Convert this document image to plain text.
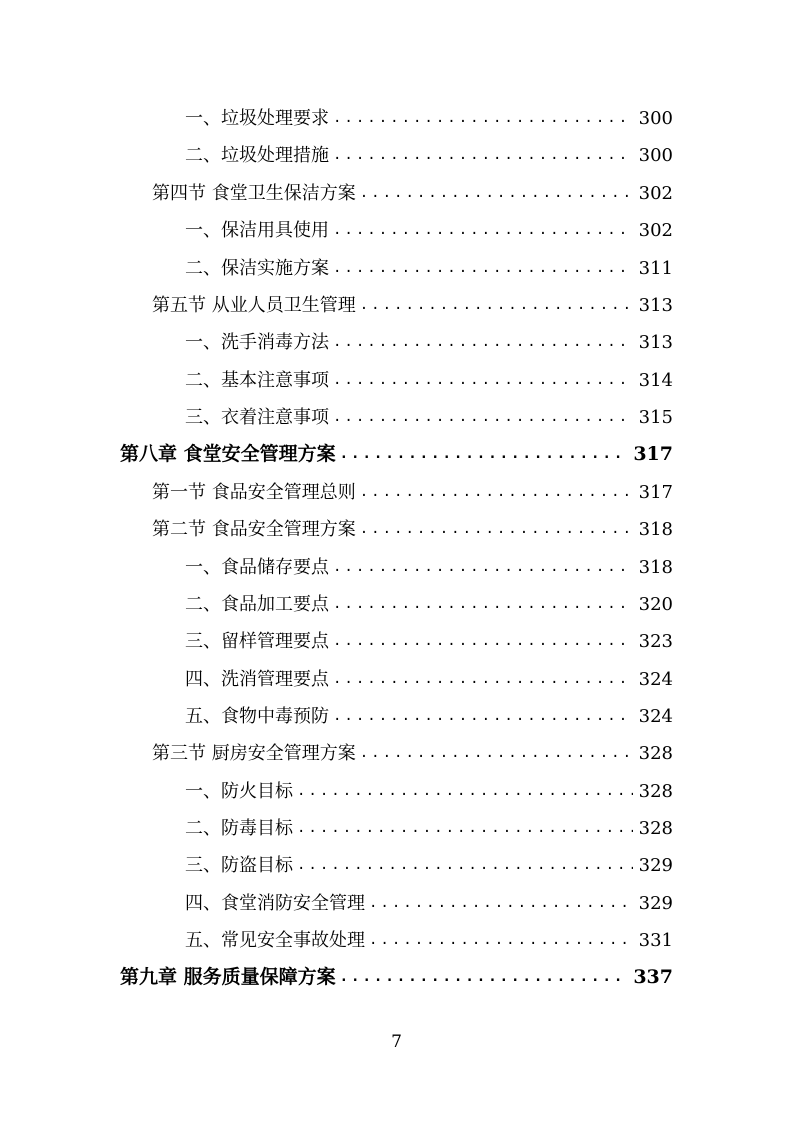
一、垃圾处理要求 .....	300
二、垃圾处理措施 .....	300
第四节 食堂卫生保洁方案 .....	302
一、保洁用具使用 .....	302
二、保洁实施方案 .....	311
第五节 从业人员卫生管理 .....	313
一、洗手消毒方法 .....	313
二、基本注意事项 .....	314
三、衣着注意事项 .....	315
第八章 食堂安全管理方案 .....	317
第一节 食品安全管理总则 .....	317
第二节 食品安全管理方案 .....	318
一、食品储存要点 .....	318
二、食品加工要点 .....	320
三、留样管理要点 .....	323
四、洗消管理要点 .....	324
五、食物中毒预防 .....	324
第三节 厨房安全管理方案 .....	328
一、防火目标 .....	328
二、防毒目标 .....	328
三、防盗目标 .....	329
四、食堂消防安全管理 .....	329
五、常见安全事故处理 .....	331
第九章 服务质量保障方案 .....	337
7
